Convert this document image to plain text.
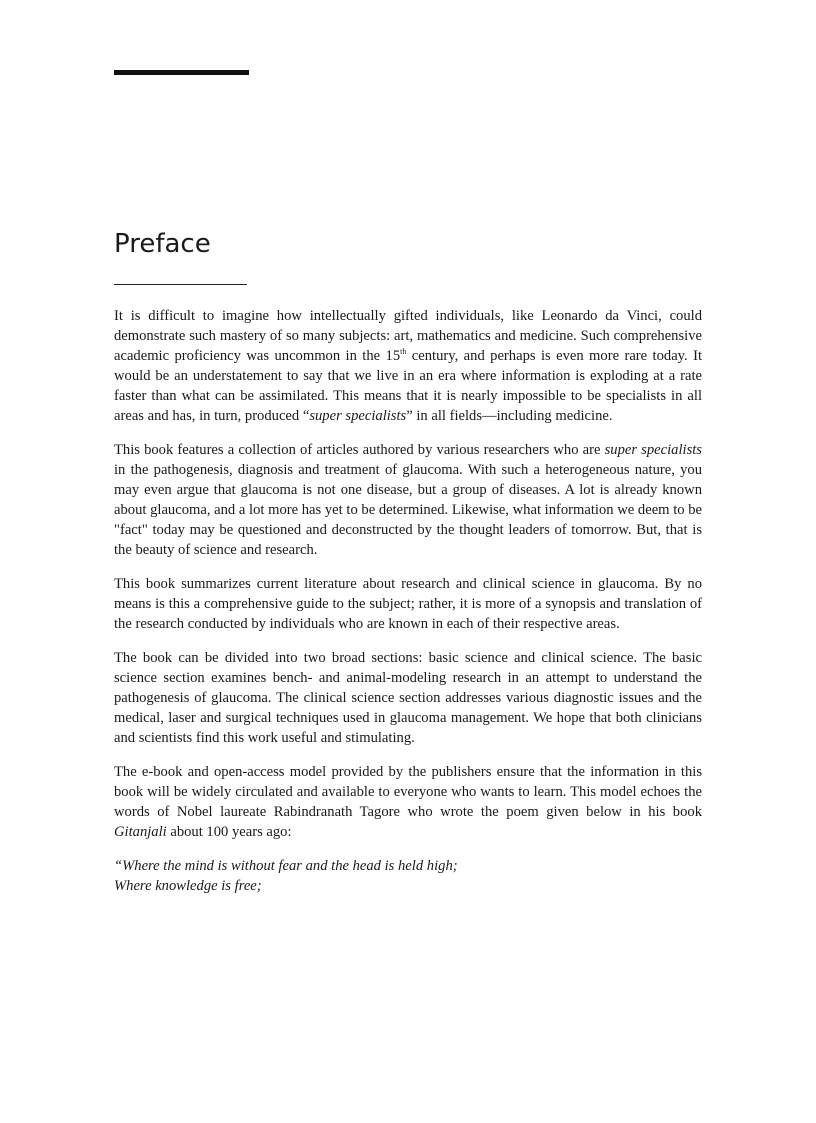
Preface

It is difficult to imagine how intellectually gifted individuals, like Leonardo da Vinci, could demonstrate such mastery of so many subjects: art, mathematics and medicine. Such comprehensive academic proficiency was uncommon in the 15th century, and perhaps is even more rare today. It would be an understatement to say that we live in an era where information is exploding at a rate faster than what can be assimilated. This means that it is nearly impossible to be specialists in all areas and has, in turn, produced “super specialists” in all fields––including medicine.

This book features a collection of articles authored by various researchers who are super specialists in the pathogenesis, diagnosis and treatment of glaucoma. With such a heterogeneous nature, you may even argue that glaucoma is not one disease, but a group of diseases. A lot is already known about glaucoma, and a lot more has yet to be determined. Likewise, what information we deem to be "fact" today may be questioned and deconstructed by the thought leaders of tomorrow. But, that is the beauty of science and research.

This book summarizes current literature about research and clinical science in glaucoma. By no means is this a comprehensive guide to the subject; rather, it is more of a synopsis and translation of the research conducted by individuals who are known in each of their respective areas.

The book can be divided into two broad sections: basic science and clinical science. The basic science section examines bench- and animal-modeling research in an attempt to understand the pathogenesis of glaucoma. The clinical science section addresses various diagnostic issues and the medical, laser and surgical techniques used in glaucoma management. We hope that both clinicians and scientists find this work useful and stimulating.

The e-book and open-access model provided by the publishers ensure that the information in this book will be widely circulated and available to everyone who wants to learn. This model echoes the words of Nobel laureate Rabindranath Tagore who wrote the poem given below in his book Gitanjali about 100 years ago:

“Where the mind is without fear and the head is held high;
Where knowledge is free;
